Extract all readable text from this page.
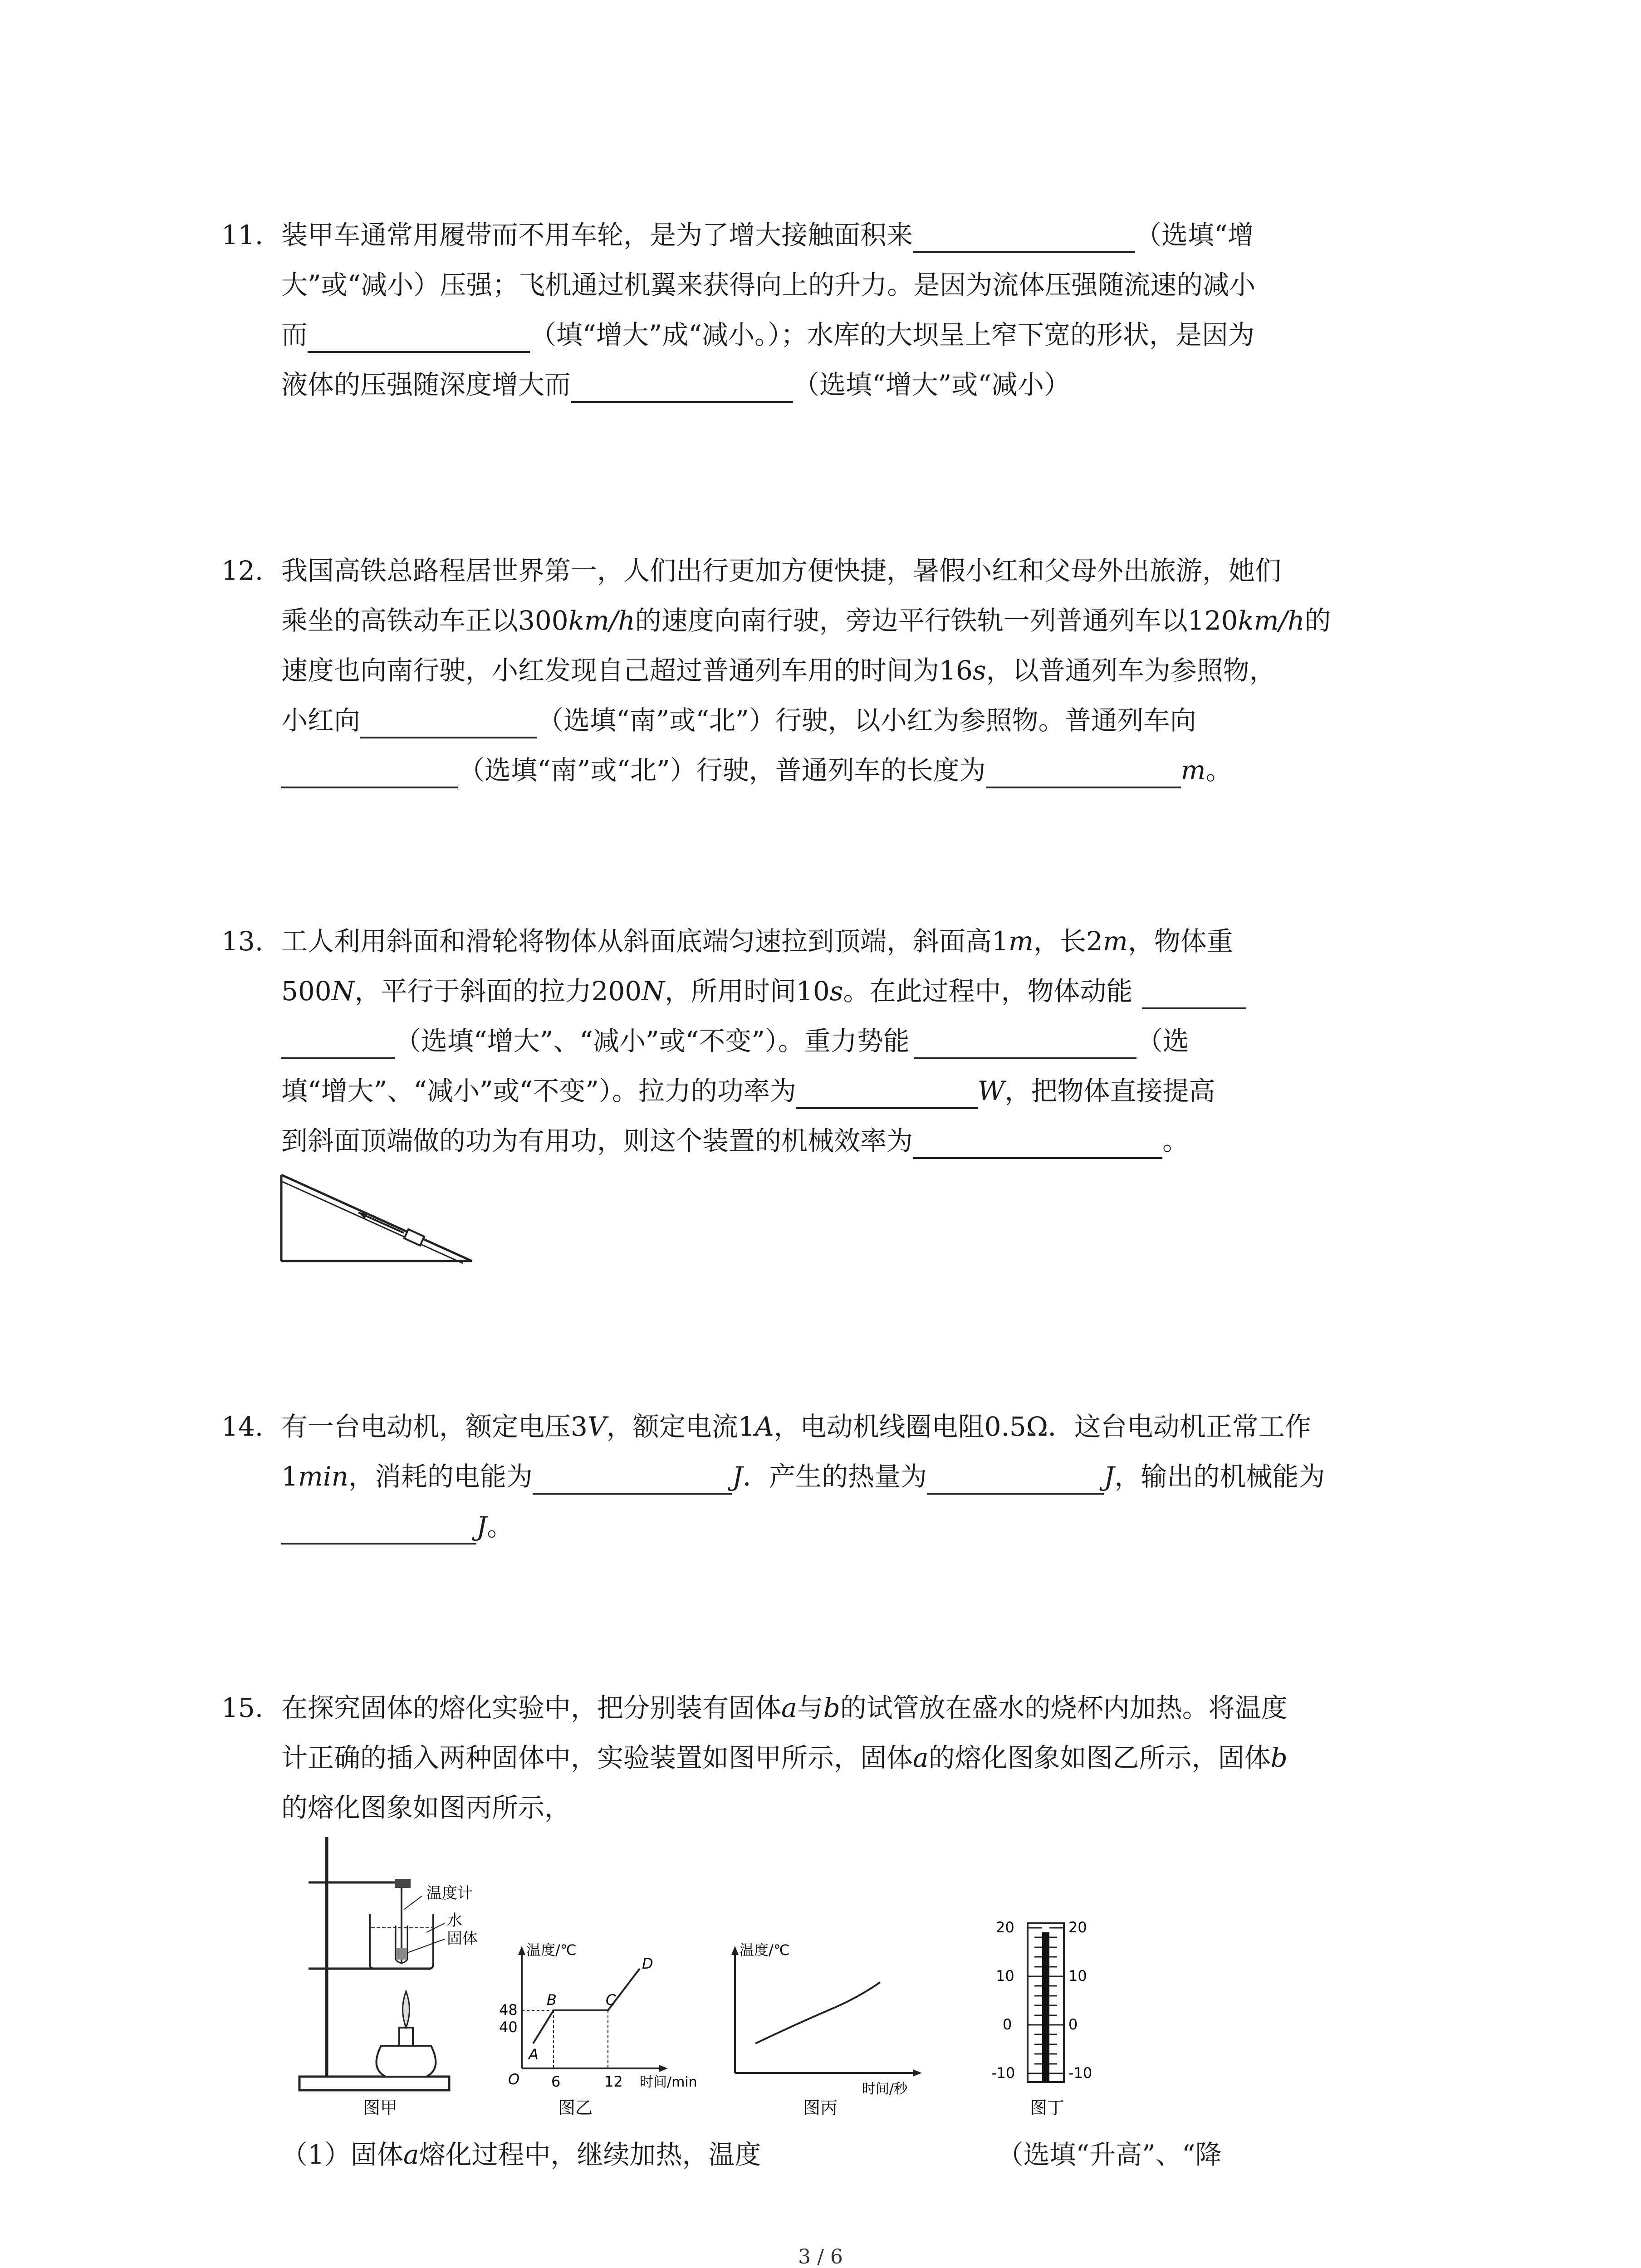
11. 装甲车通常用履带而不用车轮，是为了增大接触面积来	（选填“增
大”或“减小）压强；飞机通过机翼来获得向上的升力。是因为流体压强随流速的减小
而	（填“增大”成“减小。）；水库的大坝呈上窄下宽的形状，是因为
液体的压强随深度增大而	（选填“增大”或“减小）
12. 我国高铁总路程居世界第一，人们出行更加方便快捷，暑假小红和父母外出旅游，她们
乘坐的高铁动车正以300km/h的速度向南行驶，旁边平行铁轨一列普通列车以120km/h的
速度也向南行驶，小红发现自己超过普通列车用的时间为16s，以普通列车为参照物，
小红向	（选填“南”或“北”）行驶，以小红为参照物。普通列车向
（选填“南”或“北”）行驶，普通列车的长度为	m。
13. 工人利用斜面和滑轮将物体从斜面底端匀速拉到顶端，斜面高1m，长2m，物体重
500N，平行于斜面的拉力200N，所用时间10s。在此过程中，物体动能
（选填“增大”、“减小”或“不变”）。重力势能	（选
填“增大”、“减小”或“不变”）。拉力的功率为	W，把物体直接提高
到斜面顶端做的功为有用功，则这个装置的机械效率为	。
14. 有一台电动机，额定电压3V，额定电流1A，电动机线圈电阻0.5Ω．这台电动机正常工作
1min，消耗的电能为	J．产生的热量为	J，输出的机械能为
J。
15. 在探究固体的熔化实验中，把分别装有固体a与b的试管放在盛水的烧杯内加热。将温度
计正确的插入两种固体中，实验装置如图甲所示，固体a的熔化图象如图乙所示，固体b
的熔化图象如图丙所示，
温度计
水
固体
图甲
温度/℃
时间/min
O
48
40
6	12
A
B	C
D
图乙
温度/℃
时间/秒
图丙
20	20
10	10
0	0
-10	-10
图丁
（1）固体a熔化过程中，继续加热，温度	（选填“升高”、“降
3 / 6
